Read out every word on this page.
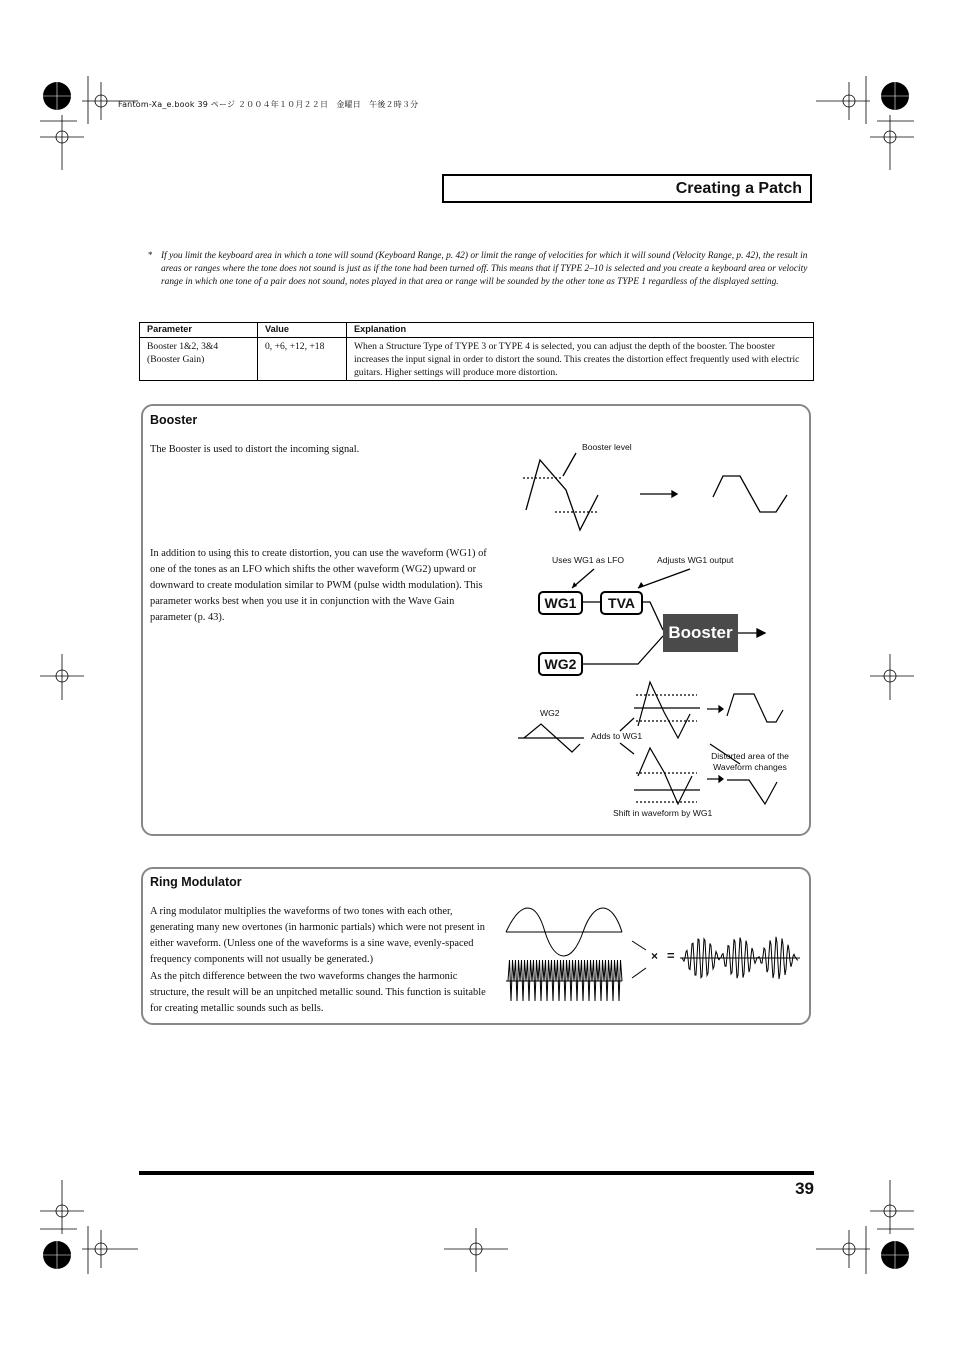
Fantom-Xa_e.book 39 ページ ２００４年１０月２２日　金曜日　午後２時３分
Creating a Patch
* If you limit the keyboard area in which a tone will sound (Keyboard Range, p. 42) or limit the range of velocities for which it will sound (Velocity Range, p. 42), the result in areas or ranges where the tone does not sound is just as if the tone had been turned off. This means that if TYPE 2–10 is selected and you create a keyboard area or velocity range in which one tone of a pair does not sound, notes played in that area or range will be sounded by the other tone as TYPE 1 regardless of the displayed setting.
Parameter	Value	Explanation

Booster 1&2, 3&4
(Booster Gain)	0, +6, +12, +18	When a Structure Type of TYPE 3 or TYPE 4 is selected, you can adjust the depth of the booster. The booster increases the input signal in order to distort the sound. This creates the distortion effect frequently used with electric guitars. Higher settings will produce more distortion.
Booster
The Booster is used to distort the incoming signal.
In addition to using this to create distortion, you can use the waveform (WG1) of one of the tones as an LFO which shifts the other waveform (WG2) upward or downward to create modulation similar to PWM (pulse width modulation). This parameter works best when you use it in conjunction with the Wave Gain parameter (p. 43).
Booster level
Uses WG1 as LFO	Adjusts WG1 output
WG1	TVA
WG2
Booster
WG2
Adds to WG1
Distorted area of the
Waveform changes
Shift in waveform by WG1
Ring Modulator
A ring modulator multiplies the waveforms of two tones with each other, generating many new overtones (in harmonic partials) which were not present in either waveform. (Unless one of the waveforms is a sine wave, evenly-spaced frequency components will not usually be generated.)
As the pitch difference between the two waveforms changes the harmonic structure, the result will be an unpitched metallic sound. This function is suitable for creating metallic sounds such as bells.
× =
39
